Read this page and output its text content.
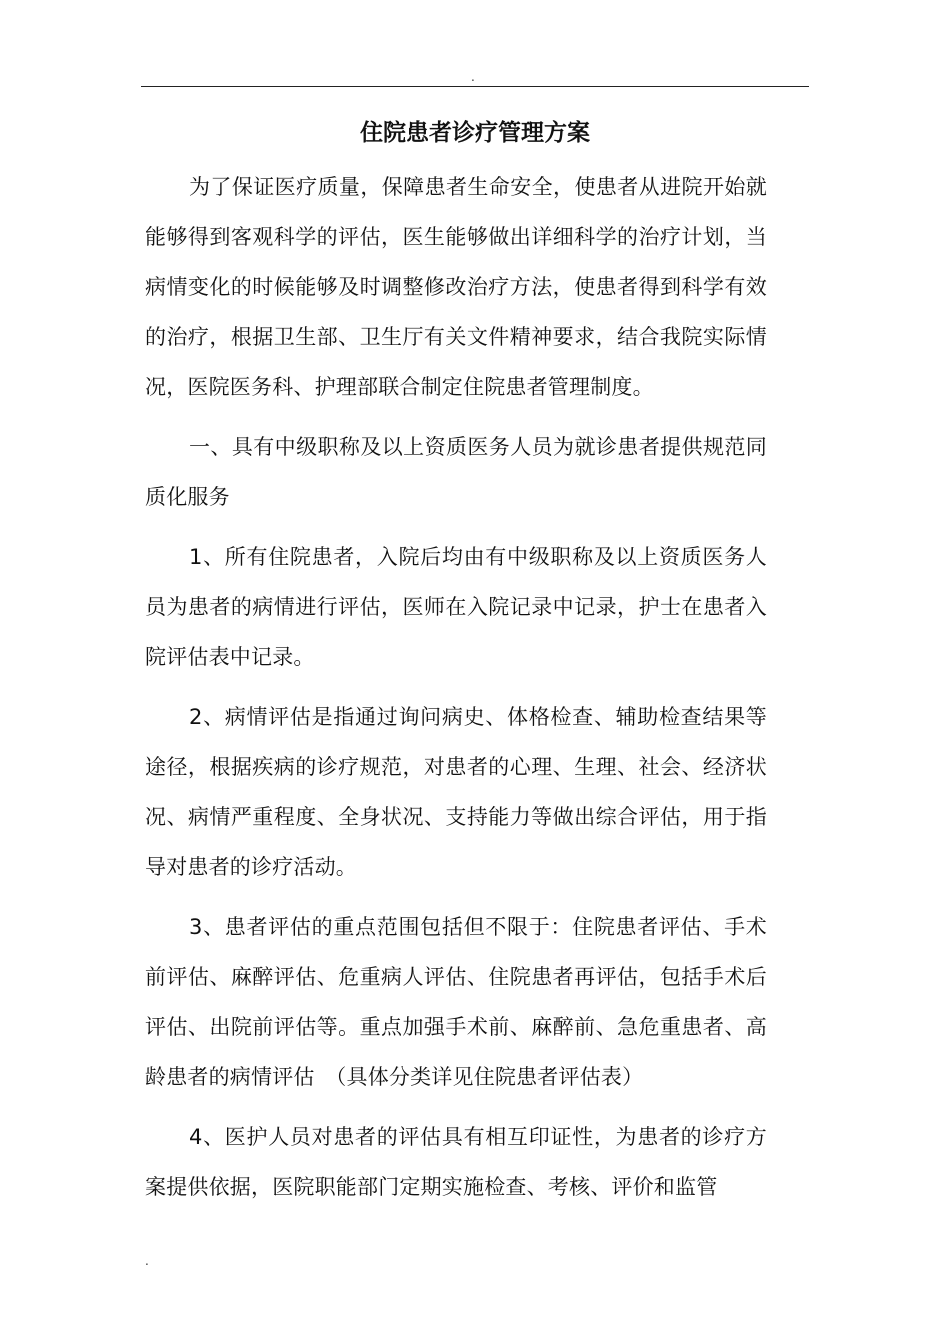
.
住院患者诊疗管理方案

为了保证医疗质量，保障患者生命安全，使患者从进院开始就能够得到客观科学的评估，医生能够做出详细科学的治疗计划，当病情变化的时候能够及时调整修改治疗方法，使患者得到科学有效的治疗，根据卫生部、卫生厅有关文件精神要求，结合我院实际情况，医院医务科、护理部联合制定住院患者管理制度。

一、具有中级职称及以上资质医务人员为就诊患者提供规范同质化服务

1、所有住院患者，入院后均由有中级职称及以上资质医务人员为患者的病情进行评估，医师在入院记录中记录，护士在患者入院评估表中记录。

2、病情评估是指通过询问病史、体格检查、辅助检查结果等途径，根据疾病的诊疗规范，对患者的心理、生理、社会、经济状况、病情严重程度、全身状况、支持能力等做出综合评估，用于指导对患者的诊疗活动。

3、患者评估的重点范围包括但不限于：住院患者评估、手术前评估、麻醉评估、危重病人评估、住院患者再评估，包括手术后评估、出院前评估等。重点加强手术前、麻醉前、急危重患者、高龄患者的病情评估　（具体分类详见住院患者评估表）

4、医护人员对患者的评估具有相互印证性，为患者的诊疗方案提供依据，医院职能部门定期实施检查、考核、评价和监管

.
